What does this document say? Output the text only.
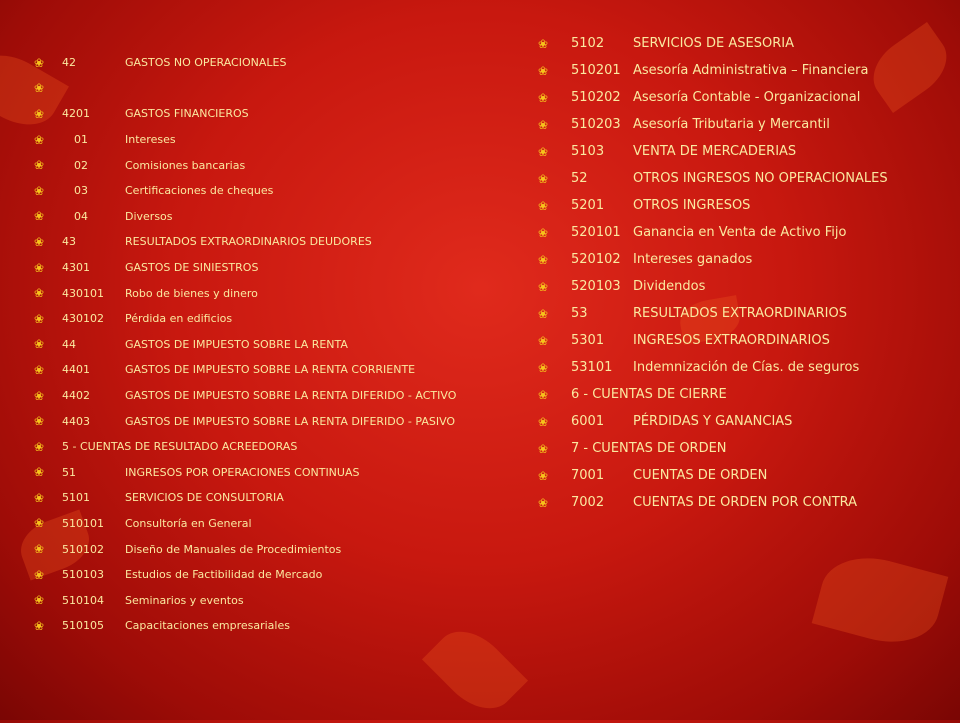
❀	42	GASTOS NO OPERACIONALES
❀
❀	4201	GASTOS FINANCIEROS
❀	01	Intereses
❀	02	Comisiones bancarias
❀	03	Certificaciones de cheques
❀	04	Diversos
❀	43	RESULTADOS EXTRAORDINARIOS DEUDORES
❀	4301	GASTOS DE SINIESTROS
❀	430101	Robo de bienes y dinero
❀	430102	Pérdida en edificios
❀	44	GASTOS DE IMPUESTO SOBRE LA RENTA
❀	4401	GASTOS DE IMPUESTO SOBRE LA RENTA CORRIENTE
❀	4402	GASTOS DE IMPUESTO SOBRE LA RENTA DIFERIDO - ACTIVO
❀	4403	GASTOS DE IMPUESTO SOBRE LA RENTA DIFERIDO - PASIVO
❀	5 - CUENTAS DE RESULTADO ACREEDORAS
❀	51	INGRESOS POR OPERACIONES CONTINUAS
❀	5101	SERVICIOS DE CONSULTORIA
❀	510101	Consultoría en General
❀	510102	Diseño de Manuales de Procedimientos
❀	510103	Estudios de Factibilidad de Mercado
❀	510104	Seminarios y eventos
❀	510105	Capacitaciones empresariales
❀	5102	SERVICIOS DE ASESORIA
❀	510201 Asesoría Administrativa – Financiera
❀	510202 Asesoría Contable - Organizacional
❀	510203 Asesoría Tributaria y Mercantil
❀	5103	VENTA DE MERCADERIAS
❀	52	OTROS INGRESOS NO OPERACIONALES
❀	5201	OTROS INGRESOS
❀	520101 Ganancia en Venta de Activo Fijo
❀	520102 Intereses ganados
❀	520103 Dividendos
❀	53	RESULTADOS EXTRAORDINARIOS
❀	5301	INGRESOS EXTRAORDINARIOS
❀	53101	Indemnización de Cías. de seguros
❀	6 - CUENTAS DE CIERRE
❀	6001	PÉRDIDAS Y GANANCIAS
❀	7 - CUENTAS DE ORDEN
❀	7001	CUENTAS DE ORDEN
❀	7002	CUENTAS DE ORDEN POR CONTRA
